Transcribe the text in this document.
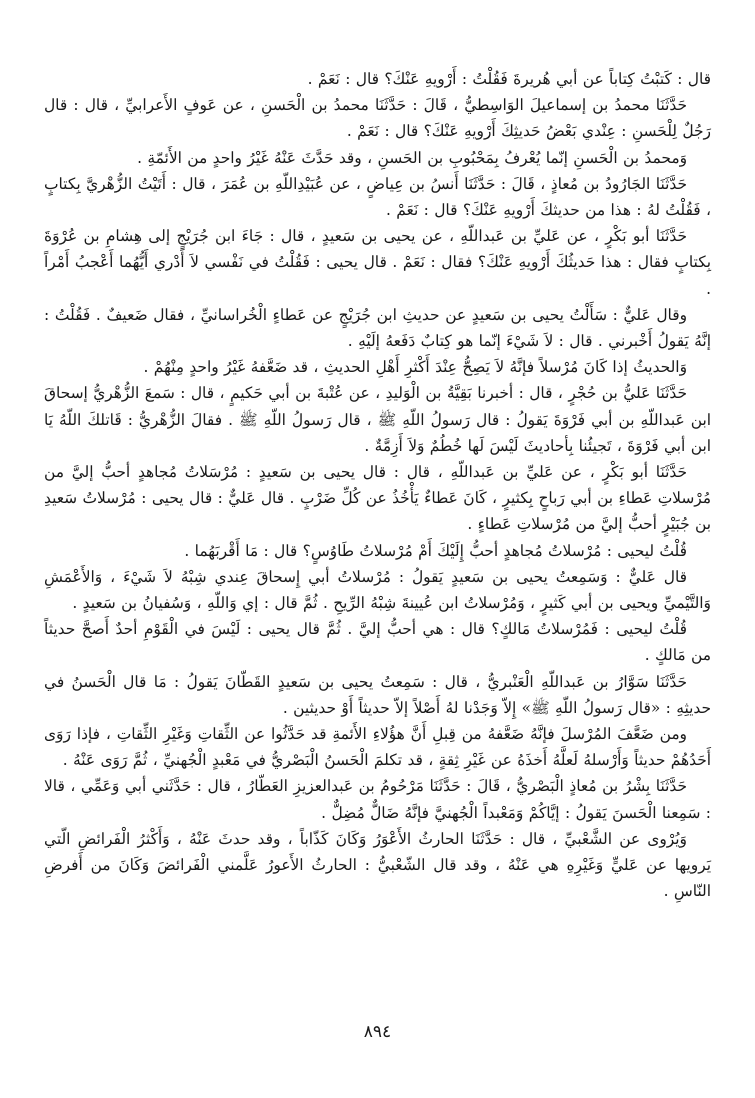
قال : كَتبْتُ كِتاباً عن أبي هُريرةَ فَقُلْتُ : أَرْويهِ عَنْكَ؟ قال : نَعَمْ .

حَدَّثَنَا محمدُ بن إسماعيلَ الوَاسِطيُّ ، قَالَ : حَدَّثَنَا محمدُ بن الْحَسنِ ، عن عَوفٍ الأَعرابيِّ ، قال : قال رَجُلٌ لِلْحَسنِ : عِنْدي بَعْضُ حَديثِكَ أَرْويهِ عَنْكَ؟ قال : نَعَمْ .

وَمحمدُ بن الْحَسنِ إنّما يُعْرفُ بِمَحْبُوبِ بن الحَسنِ ، وقد حَدَّثَ عَنْهُ غَيْرُ واحدٍ من الأَئمّةِ .

حَدَّثَنَا الجَارُودُ بن مُعاذٍ ، قَالَ : حَدَّثَنَا أَنسُ بن عِياضٍ ، عن عُبَيْدِاللّهِ بن عُمَرَ ، قال : أَتَيْتُ الزُّهْريَّ بِكتابٍ ، فَقُلْتُ لهُ : هذا من حديثكَ أَرْويهِ عَنْكَ؟ قال : نَعَمْ .

حَدَّثَنَا أبو بَكْرٍ ، عن عَليِّ بن عَبداللّهِ ، عن يحيى بن سَعيدٍ ، قال : جَاءَ ابن جُرَيْجٍ إلى هِشامِ بن عُرْوَةَ بِكتابٍ فقال : هذا حَديثُكَ أَرْويهِ عَنْكَ؟ فقال : نَعَمْ . قال يحيى : فَقُلْتُ في نَفْسي لاَ أَدْري أَيُّهُما أَعْجبُ أَمْراً .

وقال عَليٌّ : سَأَلْتُ يحيى بن سَعيدٍ عن حديثِ ابن جُرَيْجٍ عن عَطاءٍ الْخُراسانيِّ ، فقال ضَعيفٌ . فَقُلْتُ : إنَّهُ يَقولُ أَخْبرني . قال : لاَ شَيْءَ إنّما هو كِتابٌ دَفَعهُ إلَيْهِ .

وَالحديثُ إذا كَانَ مُرْسلاً فإنَّهُ لاَ يَصِحُّ عِنْدَ أَكْثرِ أَهْلِ الحديثِ ، قد ضَعَّفهُ غَيْرُ واحدٍ مِنْهُمْ .

حَدَّثَنَا عَليُّ بن حُجْرٍ ، قال : أخبرنا بَقِيَّةُ بن الْوَليدِ ، عن عُتْبةَ بن أبي حَكيمٍ ، قال : سَمعَ الزُّهْريُّ إسحاقَ ابن عَبداللّهِ بن أبي فَرْوَةَ يَقولُ : قال رَسولُ اللّهِ ﷺ ، قال رَسولُ اللّهِ ﷺ . فقالَ الزُّهْريُّ : قَاتلكَ اللّهُ يَا ابن أبي فَرْوَةَ ، تَجيئُنا بِأحاديثَ لَيْسَ لَها خُطُمٌ وَلاَ أَزِمَّةٌ .

حَدَّثَنَا أبو بَكْرٍ ، عن عَليِّ بن عَبداللّهِ ، قال : قال يحيى بن سَعيدٍ : مُرْسَلاتُ مُجاهدٍ أحبُّ إليَّ من مُرْسلاتِ عَطاءِ بن أبي رَباحٍ بِكثيرٍ ، كَانَ عَطاءٌ يَأْخُذُ عن كُلِّ ضَرْبٍ . قال عَليٌّ : قال يحيى : مُرْسلاتُ سَعيدِ بن جُبَيْرٍ أحبُّ إليَّ من مُرْسلاتِ عَطاءٍ .

قُلْتُ ليحيى : مُرْسلاتُ مُجاهدٍ أحبُّ إِلَيْكَ أَمْ مُرْسلاتُ طَاوُسٍ؟ قال : مَا أَقْربَهُما .

قال عَليٌّ : وَسَمِعتُ يحيى بن سَعيدٍ يَقولُ : مُرْسلاتُ أبي إِسحاقَ عِندي شِبْهُ لاَ شَيْءَ ، وَالأَعْمَشِ وَالتَّيْميِّ ويحيى بن أبي كَثيرٍ ، وَمُرْسلاتُ ابن عُيينةَ شِبْهُ الرِّيحِ . ثُمَّ قال : إي وَاللّهِ ، وَسُفيانُ بن سَعيدٍ .

قُلْتُ ليحيى : فَمُرْسلاتُ مَالكٍ؟ قال : هي أحبُّ إليَّ . ثُمَّ قال يحيى : لَيْسَ في الْقَوْمِ أحدٌ أَصحَّ حديثاً من مَالكٍ .

حَدَّثَنَا سَوَّارُ بن عَبداللّهِ الْعَنْبريُّ ، قال : سَمِعتُ يحيى بن سَعيدٍ القَطّانَ يَقولُ : مَا قال الْحَسنُ في حديثِهِ : «قال رَسولُ اللّهِ ﷺ» إِلاّ وَجَدْنا لهُ أَصْلاً إلاّ حديثاً أَوْ حديثين .

ومن ضَعَّفَ المُرْسلَ فإنَّهُ ضَعَّفهُ من قِبلِ أَنَّ هؤُلاءِ الأَئمةِ قد حَدَّثُوا عن الثِّقاتِ وَغَيْرِ الثِّقاتِ ، فإذا رَوَى أَحَدُهُمْ حديثاً وَأَرْسلهُ لَعلَّهُ أَخذَهُ عن غَيْرِ ثِقةٍ ، قد تكلمَ الْحَسنُ الْبَصْريُّ في مَعْبدٍ الْجُهنيِّ ، ثُمَّ رَوَى عَنْهُ .

حَدَّثَنَا بِشْرُ بن مُعاذٍ الْبَصْريُّ ، قَالَ : حَدَّثَنَا مَرْحُومُ بن عَبدالعزيزِ العَطّارُ ، قال : حَدَّثَني أبي وَعَمِّي ، قالا : سَمِعنا الْحَسنَ يَقولُ : إيَّاكُمْ وَمَعْبداً الْجُهنيَّ فإنَّهُ ضَالٌّ مُضِلٌّ .

وَيُرْوى عن الشَّعْبيِّ ، قال : حَدَّثَنَا الحارثُ الأَعْوَرُ وَكَانَ كَذّاباً ، وقد حدثَ عَنْهُ ، وَأَكْثرُ الْفَرائضِ الّتي يَرويها عن عَليٍّ وَغَيْرِهِ هي عَنْهُ ، وقد قال الشّعْبيُّ : الحارثُ الأَعورُ عَلَّمني الْفَرائضَ وَكَانَ من أَفرضِ النّاسِ .

٨٩٤
